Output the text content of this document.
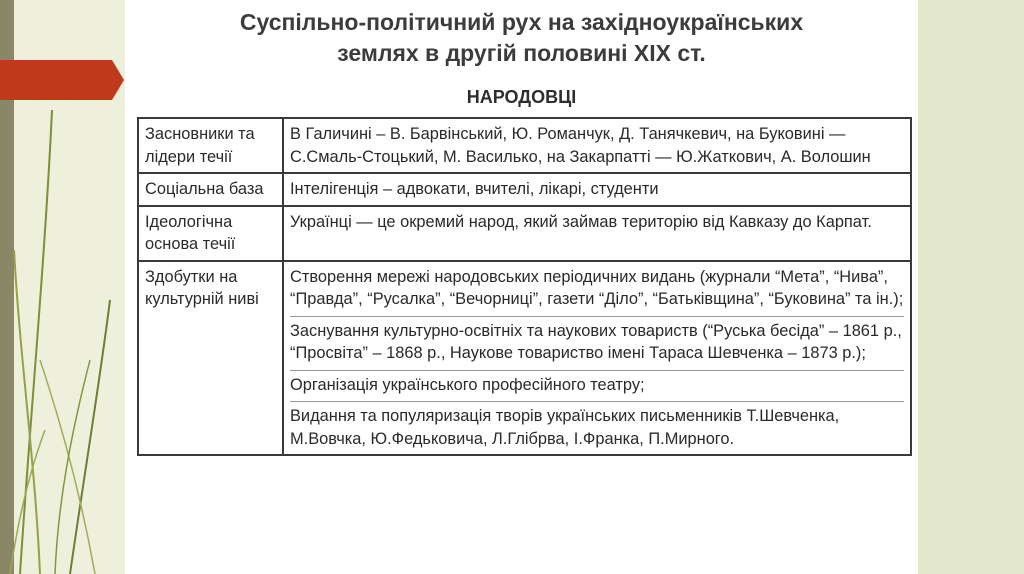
Суспільно-політичний рух на західноукраїнських
землях в другій половині ХІХ ст.
НАРОДОВЦІ
Засновники та лідери течії	В Галичині – В. Барвінський, Ю. Романчук, Д. Танячкевич, на Буковині — С.Смаль-Стоцький, М. Василько, на Закарпатті — Ю.Жаткович, А. Волошин

Соціальна база	Інтелігенція – адвокати, вчителі, лікарі, студенти

Ідеологічна основа течії	Українці — це окремий народ, який займав територію від Кавказу до Карпат.

Здобутки на культурній ниві	Створення мережі народовських періодичних видань (журнали “Мета”, “Нива”, “Правда”, “Русалка”, “Вечорниці”, газети “Діло”, “Батьківщина”, “Буковина” та ін.);

Заснування культурно-освітніх та наукових товариств (“Руська бесіда” – 1861 р., “Просвіта” – 1868 р., Наукове товариство імені Тараса Шевченка – 1873 р.);

Організація українського професійного театру;

Видання та популяризація творів українських письменників Т.Шевченка, М.Вовчка, Ю.Федьковича, Л.Глібрва, І.Франка, П.Мирного.
